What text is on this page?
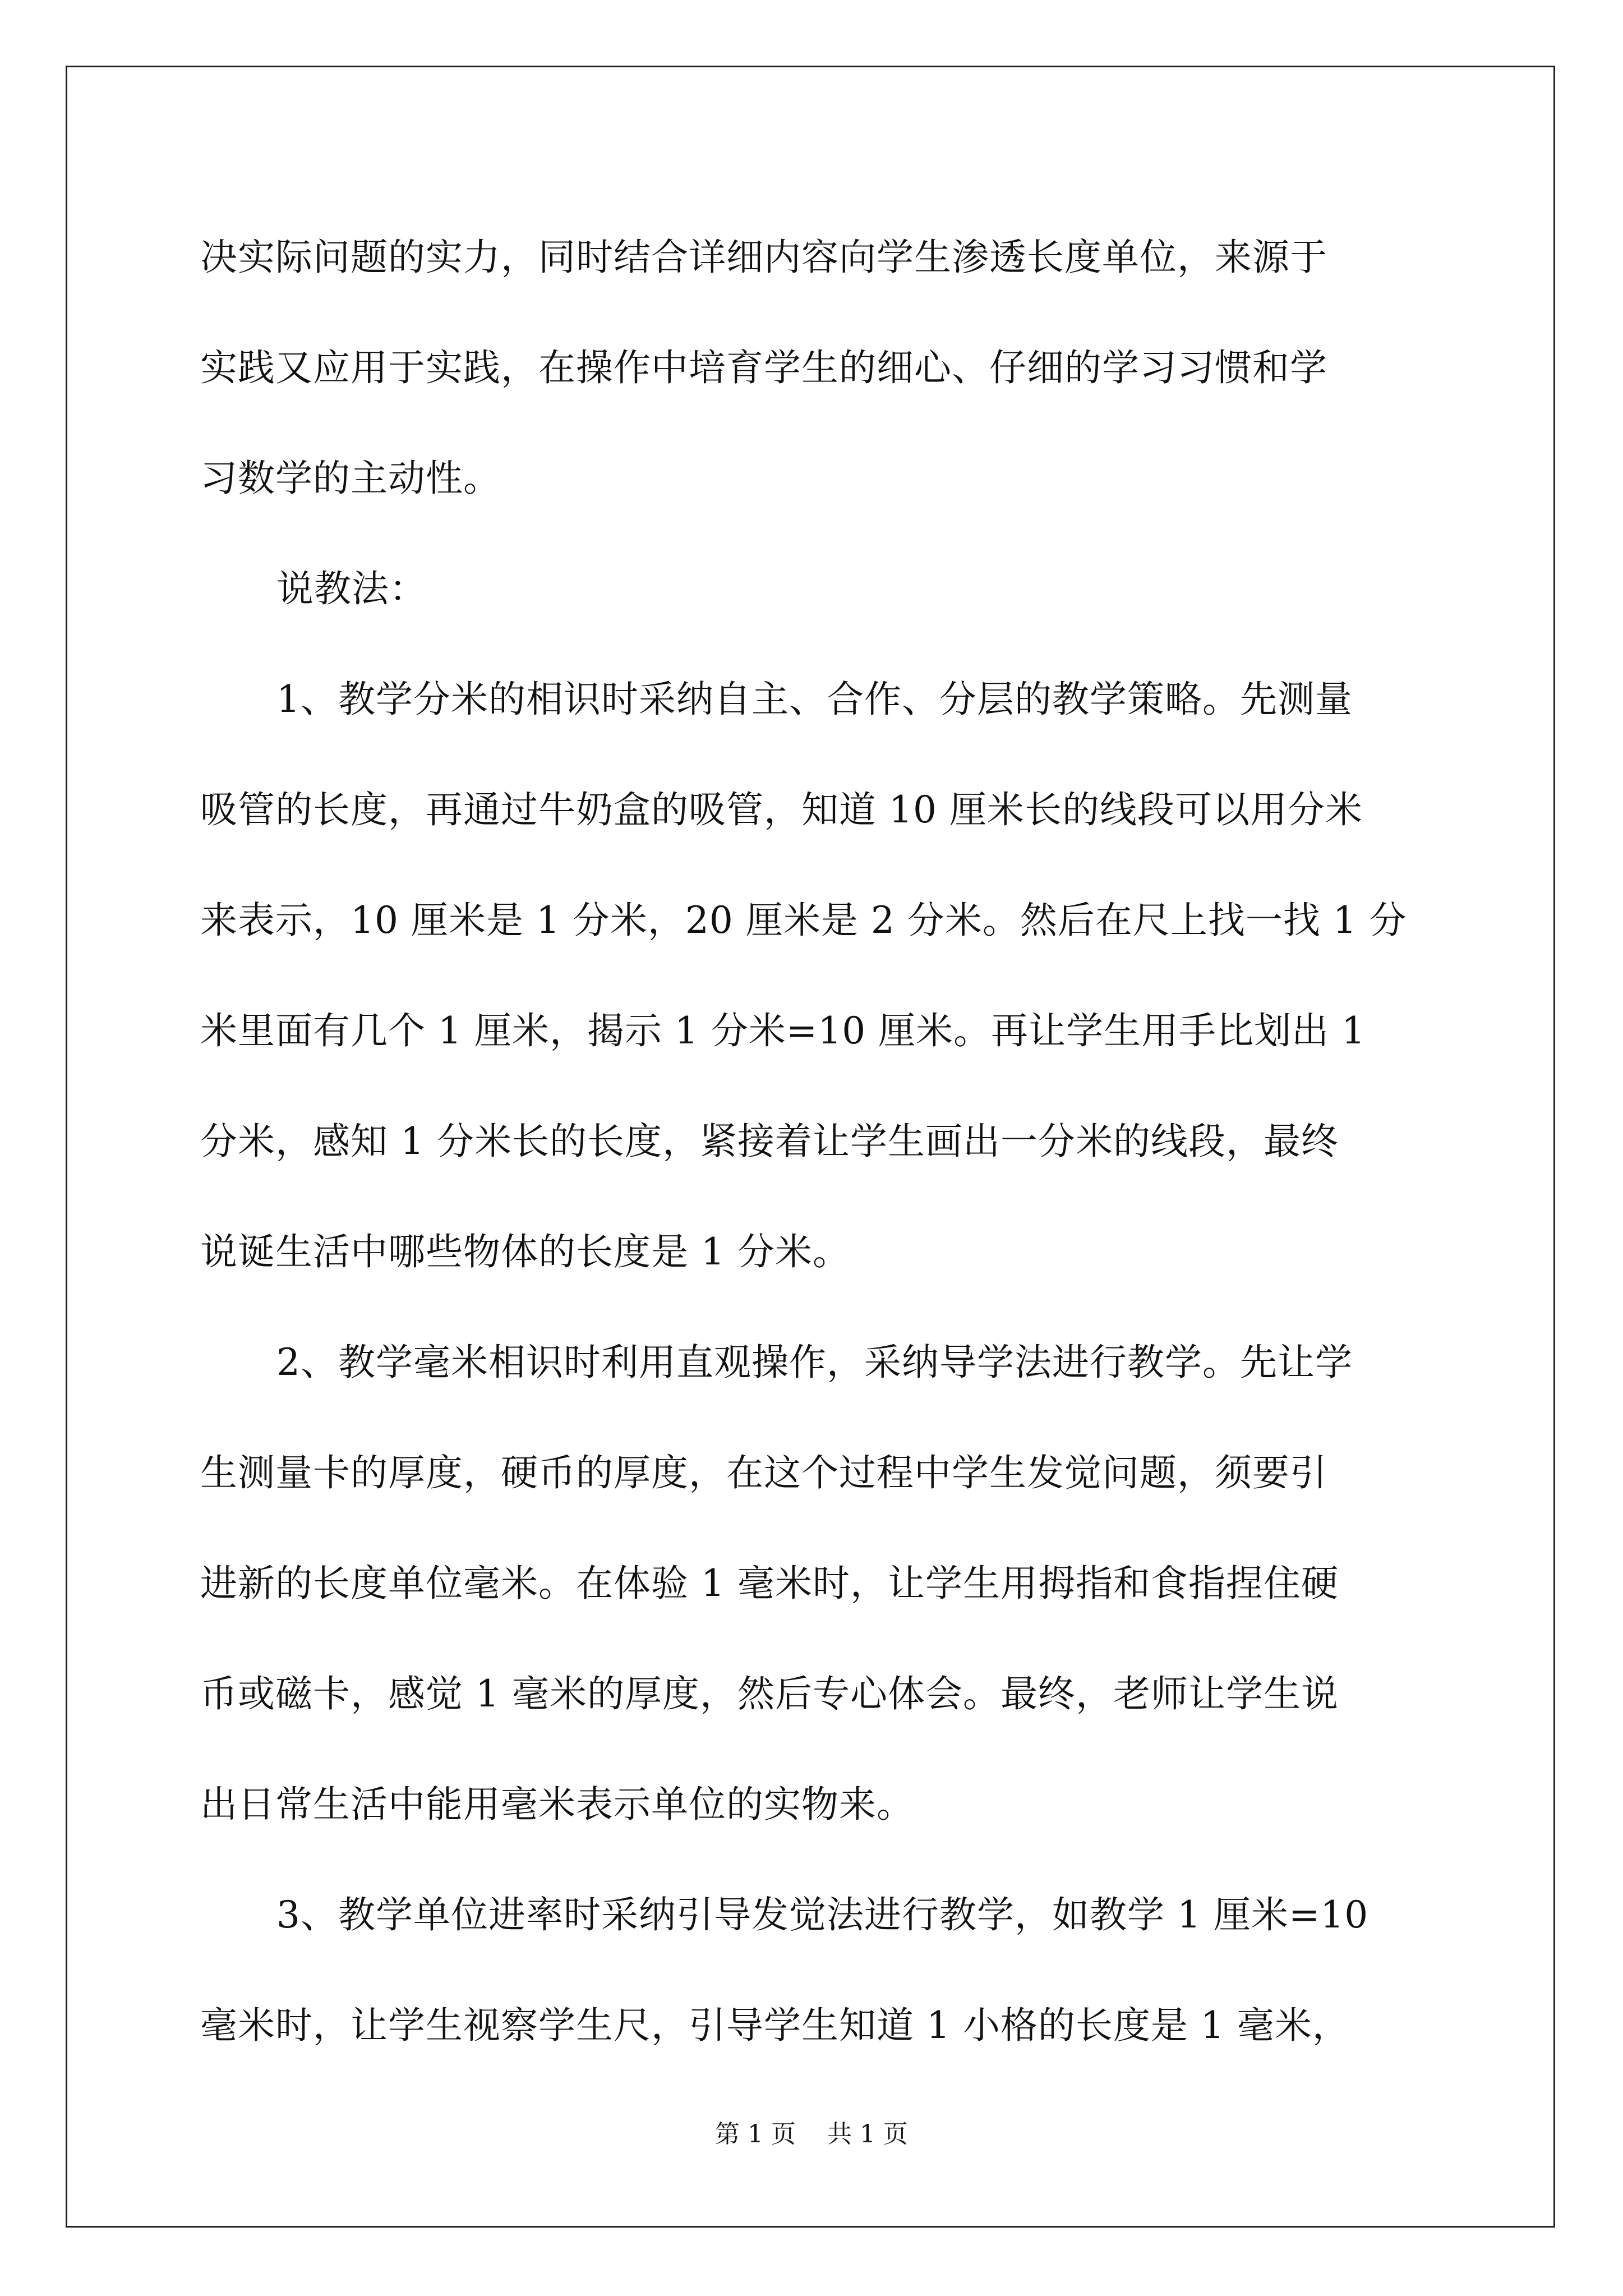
决实际问题的实力，同时结合详细内容向学生渗透长度单位，来源于
实践又应用于实践，在操作中培育学生的细心、仔细的学习习惯和学
习数学的主动性。
说教法：
1、教学分米的相识时采纳自主、合作、分层的教学策略。先测量
吸管的长度，再通过牛奶盒的吸管，知道 10 厘米长的线段可以用分米
来表示，10 厘米是 1 分米，20 厘米是 2 分米。然后在尺上找一找 1 分
米里面有几个 1 厘米，揭示 1 分米=10 厘米。再让学生用手比划出 1
分米，感知 1 分米长的长度，紧接着让学生画出一分米的线段，最终
说诞生活中哪些物体的长度是 1 分米。
2、教学毫米相识时利用直观操作，采纳导学法进行教学。先让学
生测量卡的厚度，硬币的厚度，在这个过程中学生发觉问题，须要引
进新的长度单位毫米。在体验 1 毫米时，让学生用拇指和食指捏住硬
币或磁卡，感觉 1 毫米的厚度，然后专心体会。最终，老师让学生说
出日常生活中能用毫米表示单位的实物来。
3、教学单位进率时采纳引导发觉法进行教学，如教学 1 厘米=10
毫米时，让学生视察学生尺，引导学生知道 1 小格的长度是 1 毫米，
第 1 页    共 1 页
